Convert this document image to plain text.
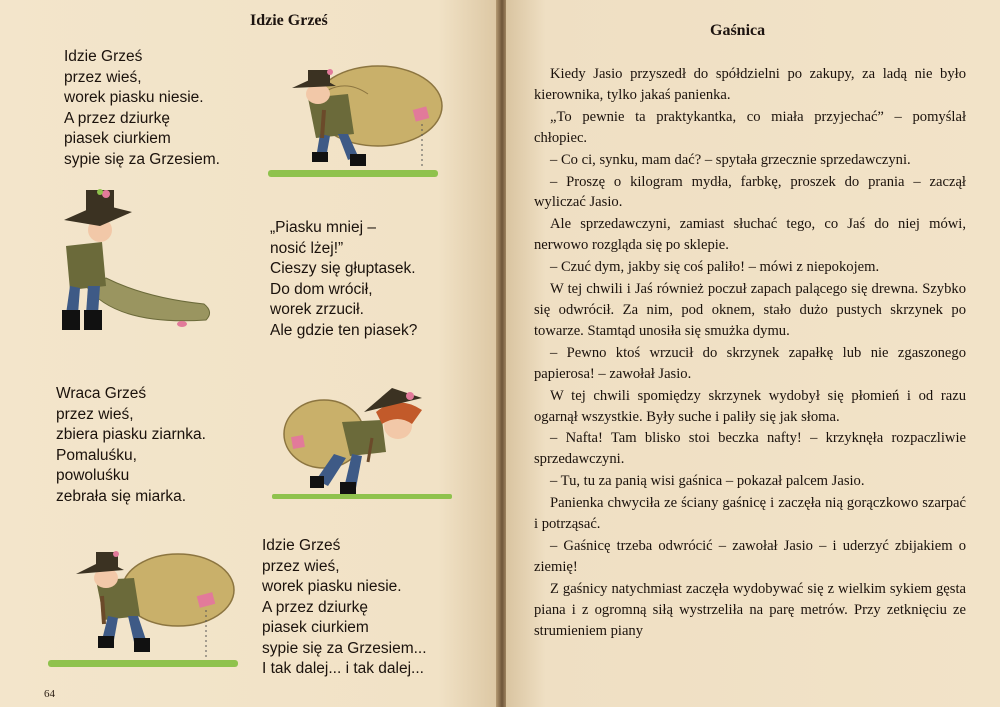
Idzie Grześ
Idzie Grześ
przez wieś,
worek piasku niesie.
A przez dziurkę
piasek ciurkiem
sypie się za Grzesiem.
„Piasku mniej –
nosić lżej!”
Cieszy się głuptasek.
Do dom wrócił,
worek zrzucił.
Ale gdzie ten piasek?
Wraca Grześ
przez wieś,
zbiera piasku ziarnka.
Pomaluśku,
powoluśku
zebrała się miarka.
Idzie Grześ
przez wieś,
worek piasku niesie.
A przez dziurkę
piasek ciurkiem
sypie się za Grzesiem...
I tak dalej... i tak dalej...
64
Gaśnica

Kiedy Jasio przyszedł do spółdzielni po zakupy, za ladą nie było kierownika, tylko jakaś panienka.

„To pewnie ta praktykantka, co miała przyjechać” – pomyślał chłopiec.

– Co ci, synku, mam dać? – spytała grzecznie sprzedawczyni.

– Proszę o kilogram mydła, farbkę, proszek do prania – zaczął wyliczać Jasio.

Ale sprzedawczyni, zamiast słuchać tego, co Jaś do niej mówi, nerwowo rozgląda się po sklepie.

– Czuć dym, jakby się coś paliło! – mówi z niepokojem.

W tej chwili i Jaś również poczuł zapach palącego się drewna. Szybko się odwrócił. Za nim, pod oknem, stało dużo pustych skrzynek po towarze. Stamtąd unosiła się smużka dymu.

– Pewno ktoś wrzucił do skrzynek zapałkę lub nie zgaszonego papierosa! – zawołał Jasio.

W tej chwili spomiędzy skrzynek wydobył się płomień i od razu ogarnął wszystkie. Były suche i paliły się jak słoma.

– Nafta! Tam blisko stoi beczka nafty! – krzyknęła rozpaczliwie sprzedawczyni.

– Tu, tu za panią wisi gaśnica – pokazał palcem Jasio.

Panienka chwyciła ze ściany gaśnicę i zaczęła nią gorączkowo szarpać i potrząsać.

– Gaśnicę trzeba odwrócić – zawołał Jasio – i uderzyć zbijakiem o ziemię!

Z gaśnicy natychmiast zaczęła wydobywać się z wielkim sykiem gęsta piana i z ogromną siłą wystrzeliła na parę metrów. Przy zetknięciu ze strumieniem piany
